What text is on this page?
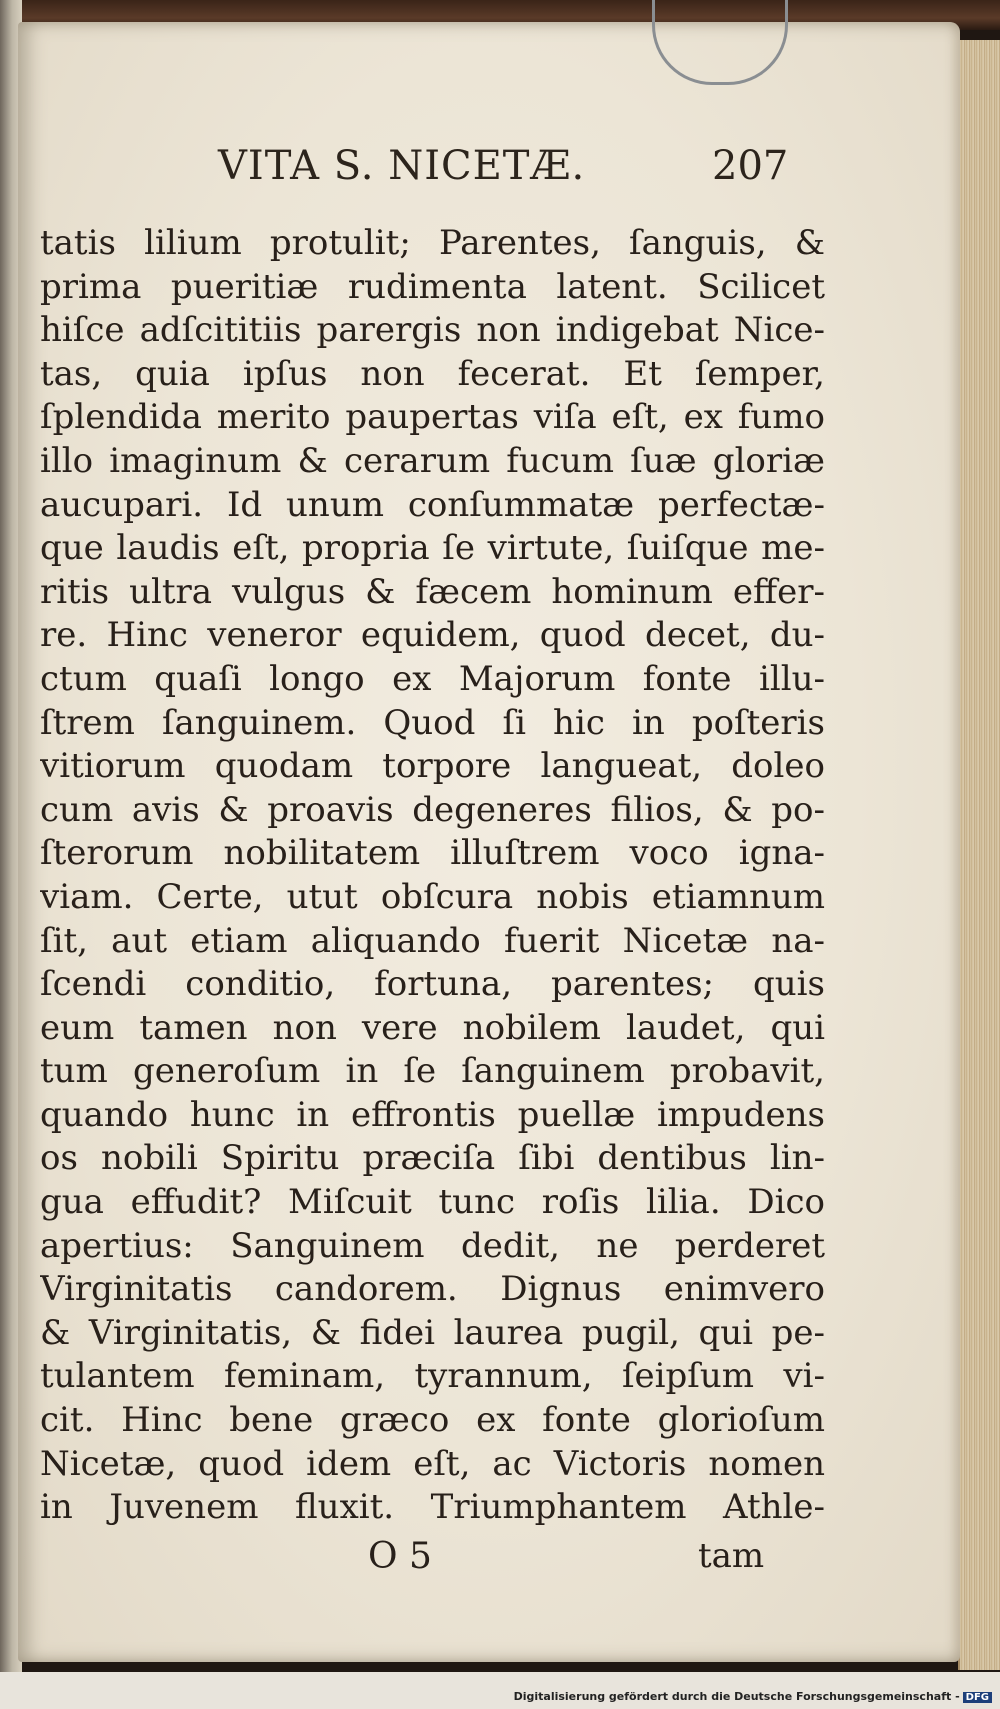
VITA S. NICETÆ.	207
tatis lilium protulit; Parentes, ſanguis, &
prima pueritiæ rudimenta latent. Scilicet
hiſce adſcititiis parergis non indigebat Nice-
tas, quia ipſus non fecerat. Et ſemper,
ſplendida merito paupertas viſa eſt, ex fumo
illo imaginum & cerarum fucum ſuæ gloriæ
aucupari. Id unum conſummatæ perfectæ-
que laudis eſt, propria ſe virtute, ſuiſque me-
ritis ultra vulgus & fæcem hominum effer-
re. Hinc veneror equidem, quod decet, du-
ctum quaſi longo ex Majorum fonte illu-
ſtrem ſanguinem. Quod ſi hic in poſteris
vitiorum quodam torpore langueat, doleo
cum avis & proavis degeneres filios, & po-
ſterorum nobilitatem illuſtrem voco igna-
viam. Certe, utut obſcura nobis etiamnum
ſit, aut etiam aliquando fuerit Nicetæ na-
ſcendi conditio, fortuna, parentes; quis
eum tamen non vere nobilem laudet, qui
tum generoſum in ſe ſanguinem probavit,
quando hunc in effrontis puellæ impudens
os nobili Spiritu præciſa ſibi dentibus lin-
gua effudit? Miſcuit tunc roſis lilia. Dico
apertius: Sanguinem dedit, ne perderet
Virginitatis candorem. Dignus enimvero
& Virginitatis, & fidei laurea pugil, qui pe-
tulantem feminam, tyrannum, ſeipſum vi-
cit. Hinc bene græco ex fonte glorioſum
Nicetæ, quod idem eſt, ac Victoris nomen
in Juvenem fluxit. Triumphantem Athle-
O 5	tam
Digitalisierung gefördert durch die Deutsche Forschungsgemeinschaft - DFG
